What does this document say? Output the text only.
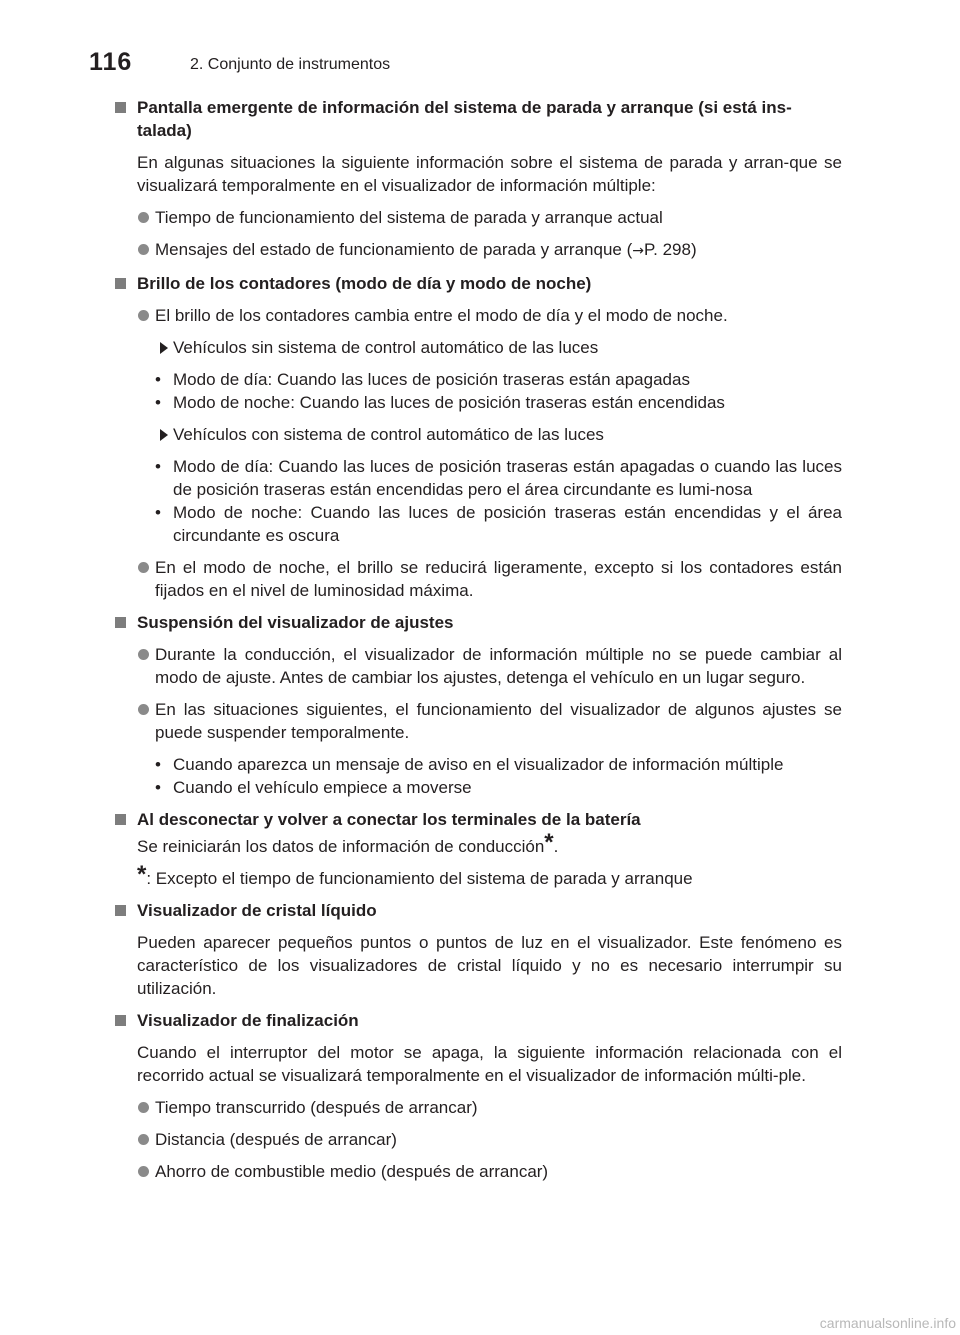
116	2. Conjunto de instrumentos
Pantalla emergente de información del sistema de parada y arranque (si está ins-talada)
En algunas situaciones la siguiente información sobre el sistema de parada y arran-que se visualizará temporalmente en el visualizador de información múltiple:
Tiempo de funcionamiento del sistema de parada y arranque actual
Mensajes del estado de funcionamiento de parada y arranque (→P. 298)
Brillo de los contadores (modo de día y modo de noche)
El brillo de los contadores cambia entre el modo de día y el modo de noche.
Vehículos sin sistema de control automático de las luces
• Modo de día: Cuando las luces de posición traseras están apagadas
• Modo de noche: Cuando las luces de posición traseras están encendidas
Vehículos con sistema de control automático de las luces
• Modo de día: Cuando las luces de posición traseras están apagadas o cuando las luces de posición traseras están encendidas pero el área circundante es lumi-nosa
• Modo de noche: Cuando las luces de posición traseras están encendidas y el área circundante es oscura
En el modo de noche, el brillo se reducirá ligeramente, excepto si los contadores están fijados en el nivel de luminosidad máxima.
Suspensión del visualizador de ajustes
Durante la conducción, el visualizador de información múltiple no se puede cambiar al modo de ajuste. Antes de cambiar los ajustes, detenga el vehículo en un lugar seguro.
En las situaciones siguientes, el funcionamiento del visualizador de algunos ajustes se puede suspender temporalmente.
• Cuando aparezca un mensaje de aviso en el visualizador de información múltiple
• Cuando el vehículo empiece a moverse
Al desconectar y volver a conectar los terminales de la batería
Se reiniciarán los datos de información de conducción*.
*: Excepto el tiempo de funcionamiento del sistema de parada y arranque
Visualizador de cristal líquido
Pueden aparecer pequeños puntos o puntos de luz en el visualizador. Este fenómeno es característico de los visualizadores de cristal líquido y no es necesario interrumpir su utilización.
Visualizador de finalización
Cuando el interruptor del motor se apaga, la siguiente información relacionada con el recorrido actual se visualizará temporalmente en el visualizador de información múlti-ple.
Tiempo transcurrido (después de arrancar)
Distancia (después de arrancar)
Ahorro de combustible medio (después de arrancar)
carmanualsonline.info
